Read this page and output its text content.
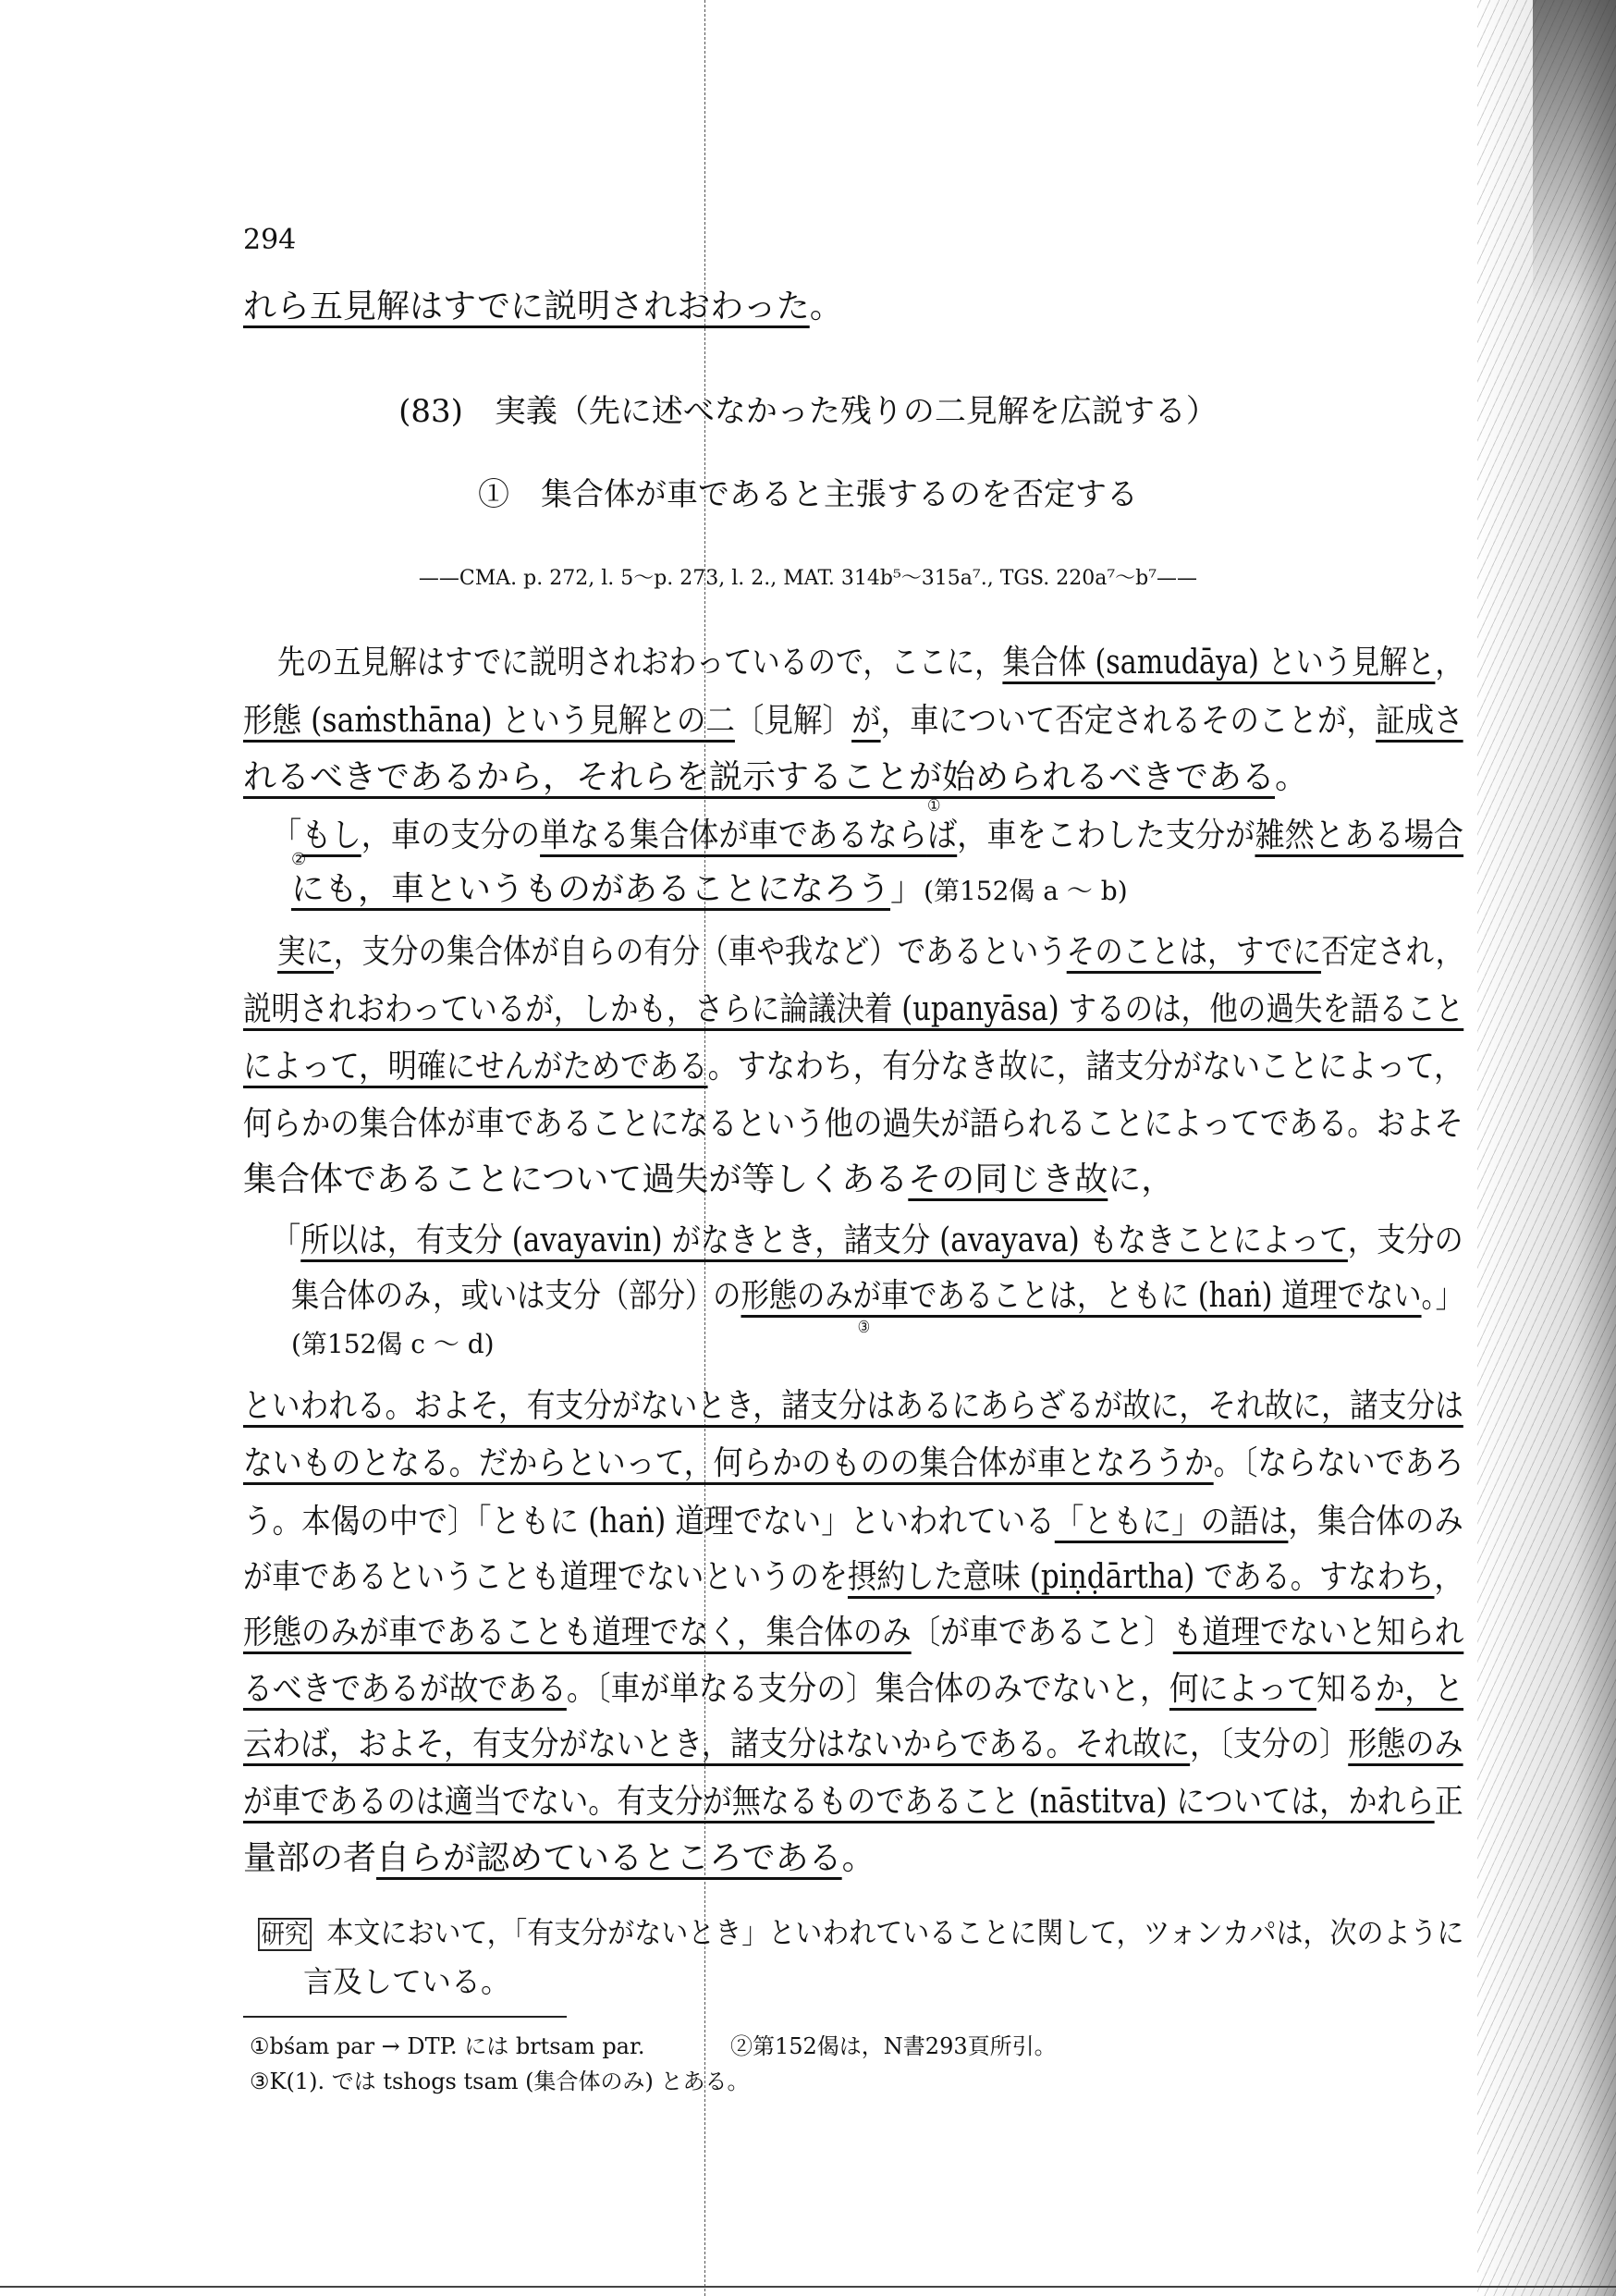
294
(83)　実義（先に述べなかった残りの二見解を広説する）
①　集合体が車であると主張するのを否定する
——CMA. p. 272, l. 5～p. 273, l. 2., MAT. 314b⁵～315a⁷., TGS. 220a⁷～b⁷——
れら五見解はすでに説明されおわった。
先の五見解はすでに説明されおわっているので，ここに，集合体 (samudāya) という見解と，
形態 (saṁsthāna) という見解との二〔見解〕が，車について否定されるそのことが，証成さ
れるべきであるから，それらを説示することが始められるべきである。
「もし，車の支分の単なる集合体が車であるならば
①
，車をこわした支分が雑然とある場合
にも，車というものがあることになろう
②
」(第152偈 a ～ b)
実に，支分の集合体が自らの有分（車や我など）であるというそのことは，すでに否定され，
説明されおわっているが，しかも，さらに論議決着 (upanyāsa) するのは，他の過失を語ること
によって，明確にせんがためである。すなわち，有分なき故に，諸支分がないことによって，
何らかの集合体が車であることになるという他の過失が語られることによってである。およそ
集合体であることについて過失が等しくあるその同じき故に，
「所以は，有支分 (avayavin) がなきとき，諸支分 (avayava) もなきことによって，支分の
集合体のみ，或いは支分（部分）の形態のみが車であることは，ともに (haṅ) 道理でない
③
。」
(第152偈 c ～ d)
といわれる。およそ，有支分がないとき，諸支分はあるにあらざるが故に，それ故に，諸支分は
ないものとなる。だからといって，何らかのものの集合体が車となろうか。〔ならないであろ
う。本偈の中で〕「ともに (haṅ) 道理でない」といわれている「ともに」の語は，集合体のみ
が車であるということも道理でないというのを摂約した意味 (piṇḍārtha) である。すなわち，
形態のみが車であることも道理でなく，集合体のみ〔が車であること〕も道理でないと知られ
るべきであるが故である。〔車が単なる支分の〕集合体のみでないと，何によって知るか，と
云わば，およそ，有支分がないとき，諸支分はないからである。それ故に，〔支分の〕形態のみ
が車であるのは適当でない。有支分が無なるものであること (nāstitva) については，かれら正
量部の者自らが認めているところである。
研究 本文において，「有支分がないとき」といわれていることに関して，ツォンカパは，次のように
言及している。
①bśam par → DTP. には brtsam par.	②第152偈は，N書293頁所引。
③K(1). では tshogs tsam (集合体のみ) とある。
